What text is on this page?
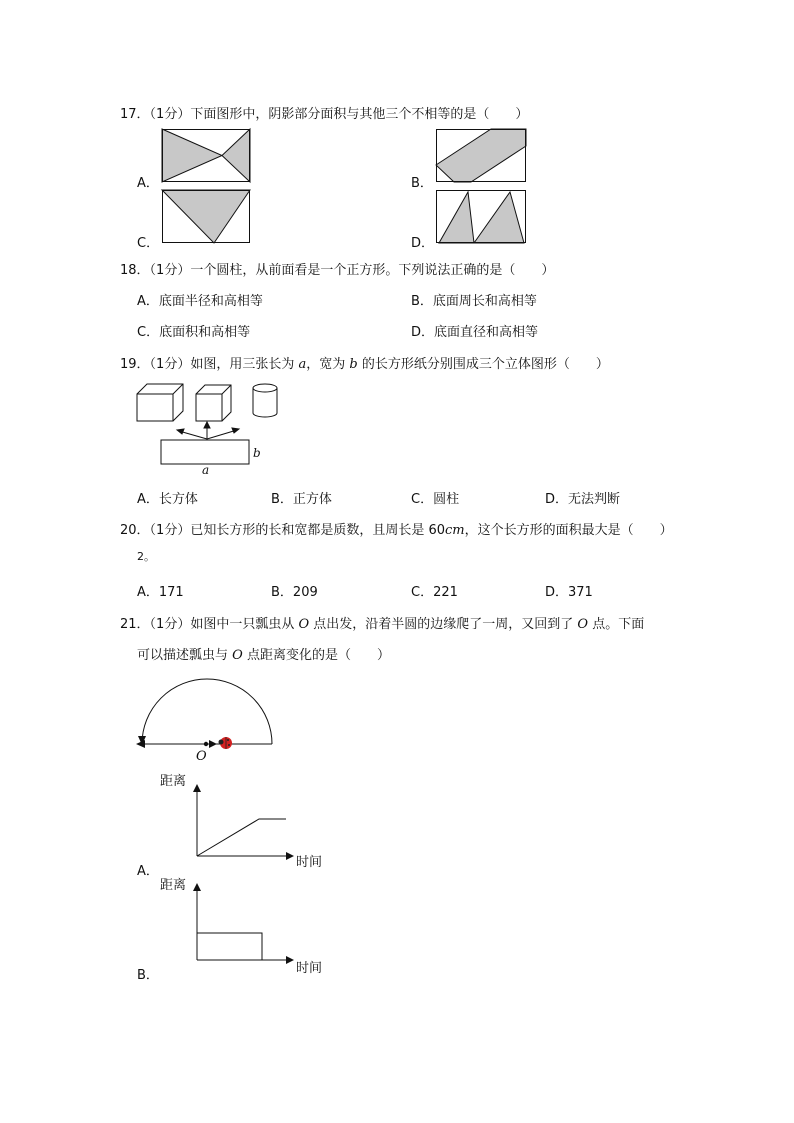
17．（1分）下面图形中，阴影部分面积与其他三个不相等的是（　　）
A．	B．
C．	D．
18．（1分）一个圆柱，从前面看是一个正方形。下列说法正确的是（　　）
A．底面半径和高相等	B．底面周长和高相等
C．底面积和高相等	D．底面直径和高相等
19．（1分）如图，用三张长为 a，宽为 b 的长方形纸分别围成三个立体图形（　　）
a
b
A．长方体	B．正方体	C．圆柱	D．无法判断
20．（1分）已知长方形的长和宽都是质数，且周长是 60cm，这个长方形的面积最大是（　　）
2。
A．171	B．209	C．221	D．371
21．（1分）如图中一只瓢虫从 O 点出发，沿着半圆的边缘爬了一周，又回到了 O 点。下面
可以描述瓢虫与 O 点距离变化的是（　　）
O
A．
距离
时间
B．
距离
时间
